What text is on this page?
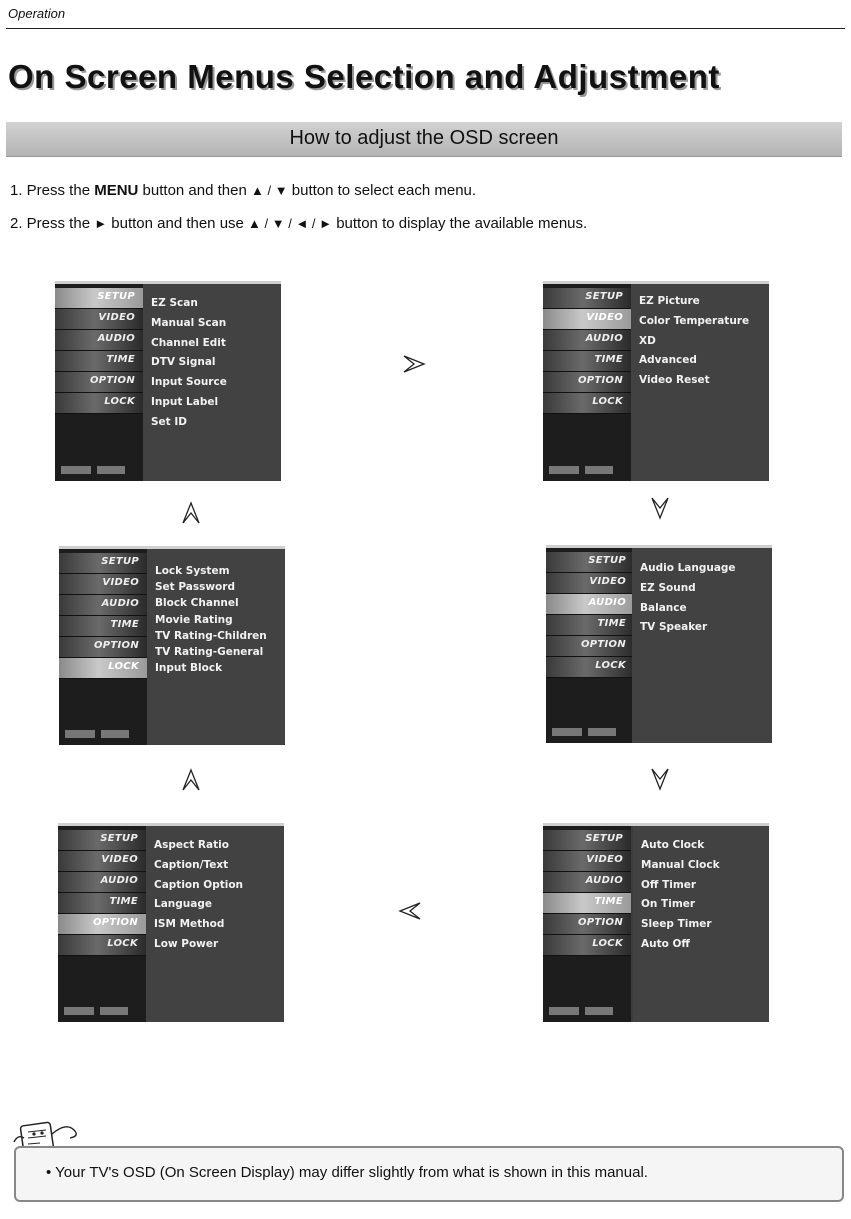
Operation
On Screen Menus Selection and Adjustment
How to adjust the OSD screen
1. Press the MENU button and then ▲ / ▼ button to select each menu.
2. Press the ► button and then use ▲ / ▼ / ◄ / ► button to display the available menus.
SETUP
VIDEO
AUDIO
TIME
OPTION
LOCK
EZ Scan
Manual Scan
Channel Edit
DTV Signal
Input Source
Input Label
Set ID
SETUP
VIDEO
AUDIO
TIME
OPTION
LOCK
EZ Picture
Color Temperature
XD
Advanced
Video Reset
SETUP
VIDEO
AUDIO
TIME
OPTION
LOCK
Lock System
Set Password
Block Channel
Movie Rating
TV Rating-Children
TV Rating-General
Input Block
SETUP
VIDEO
AUDIO
TIME
OPTION
LOCK
Audio Language
EZ Sound
Balance
TV Speaker
SETUP
VIDEO
AUDIO
TIME
OPTION
LOCK
Aspect Ratio
Caption/Text
Caption Option
Language
ISM Method
Low Power
SETUP
VIDEO
AUDIO
TIME
OPTION
LOCK
Auto Clock
Manual Clock
Off Timer
On Timer
Sleep Timer
Auto Off
• Your TV's OSD (On Screen Display) may differ slightly from what is shown in this manual.
